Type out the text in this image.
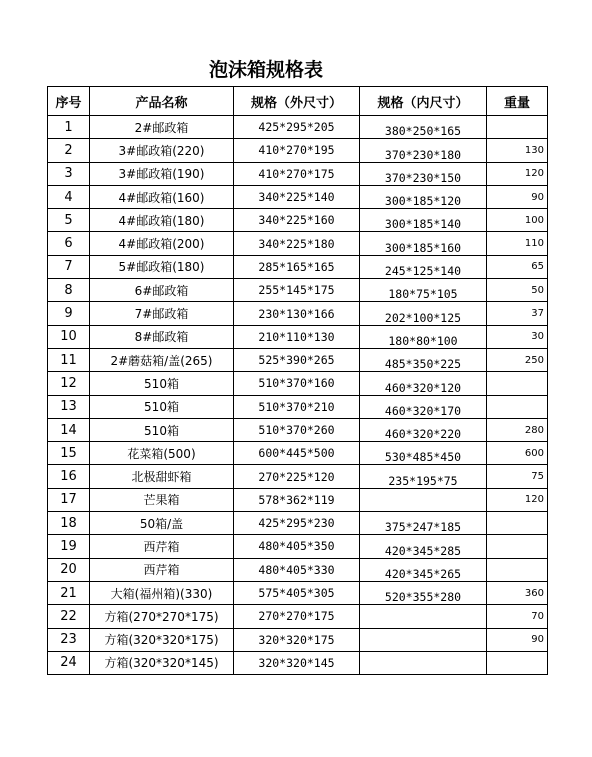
泡沫箱规格表
序号	产品名称	规格（外尺寸）	规格（内尺寸）	重量
1	2#邮政箱	425*295*205	380*250*165	
2	3#邮政箱(220)	410*270*195	370*230*180	130
3	3#邮政箱(190)	410*270*175	370*230*150	120
4	4#邮政箱(160)	340*225*140	300*185*120	90
5	4#邮政箱(180)	340*225*160	300*185*140	100
6	4#邮政箱(200)	340*225*180	300*185*160	110
7	5#邮政箱(180)	285*165*165	245*125*140	65
8	6#邮政箱	255*145*175	180*75*105	50
9	7#邮政箱	230*130*166	202*100*125	37
10	8#邮政箱	210*110*130	180*80*100	30
11	2#蘑菇箱/盖(265)	525*390*265	485*350*225	250
12	510箱	510*370*160	460*320*120	
13	510箱	510*370*210	460*320*170	
14	510箱	510*370*260	460*320*220	280
15	花菜箱(500)	600*445*500	530*485*450	600
16	北极甜虾箱	270*225*120	235*195*75	75
17	芒果箱	578*362*119		120
18	50箱/盖	425*295*230	375*247*185	
19	西芹箱	480*405*350	420*345*285	
20	西芹箱	480*405*330	420*345*265	
21	大箱(福州箱)(330)	575*405*305	520*355*280	360
22	方箱(270*270*175)	270*270*175		70
23	方箱(320*320*175)	320*320*175		90
24	方箱(320*320*145)	320*320*145		
